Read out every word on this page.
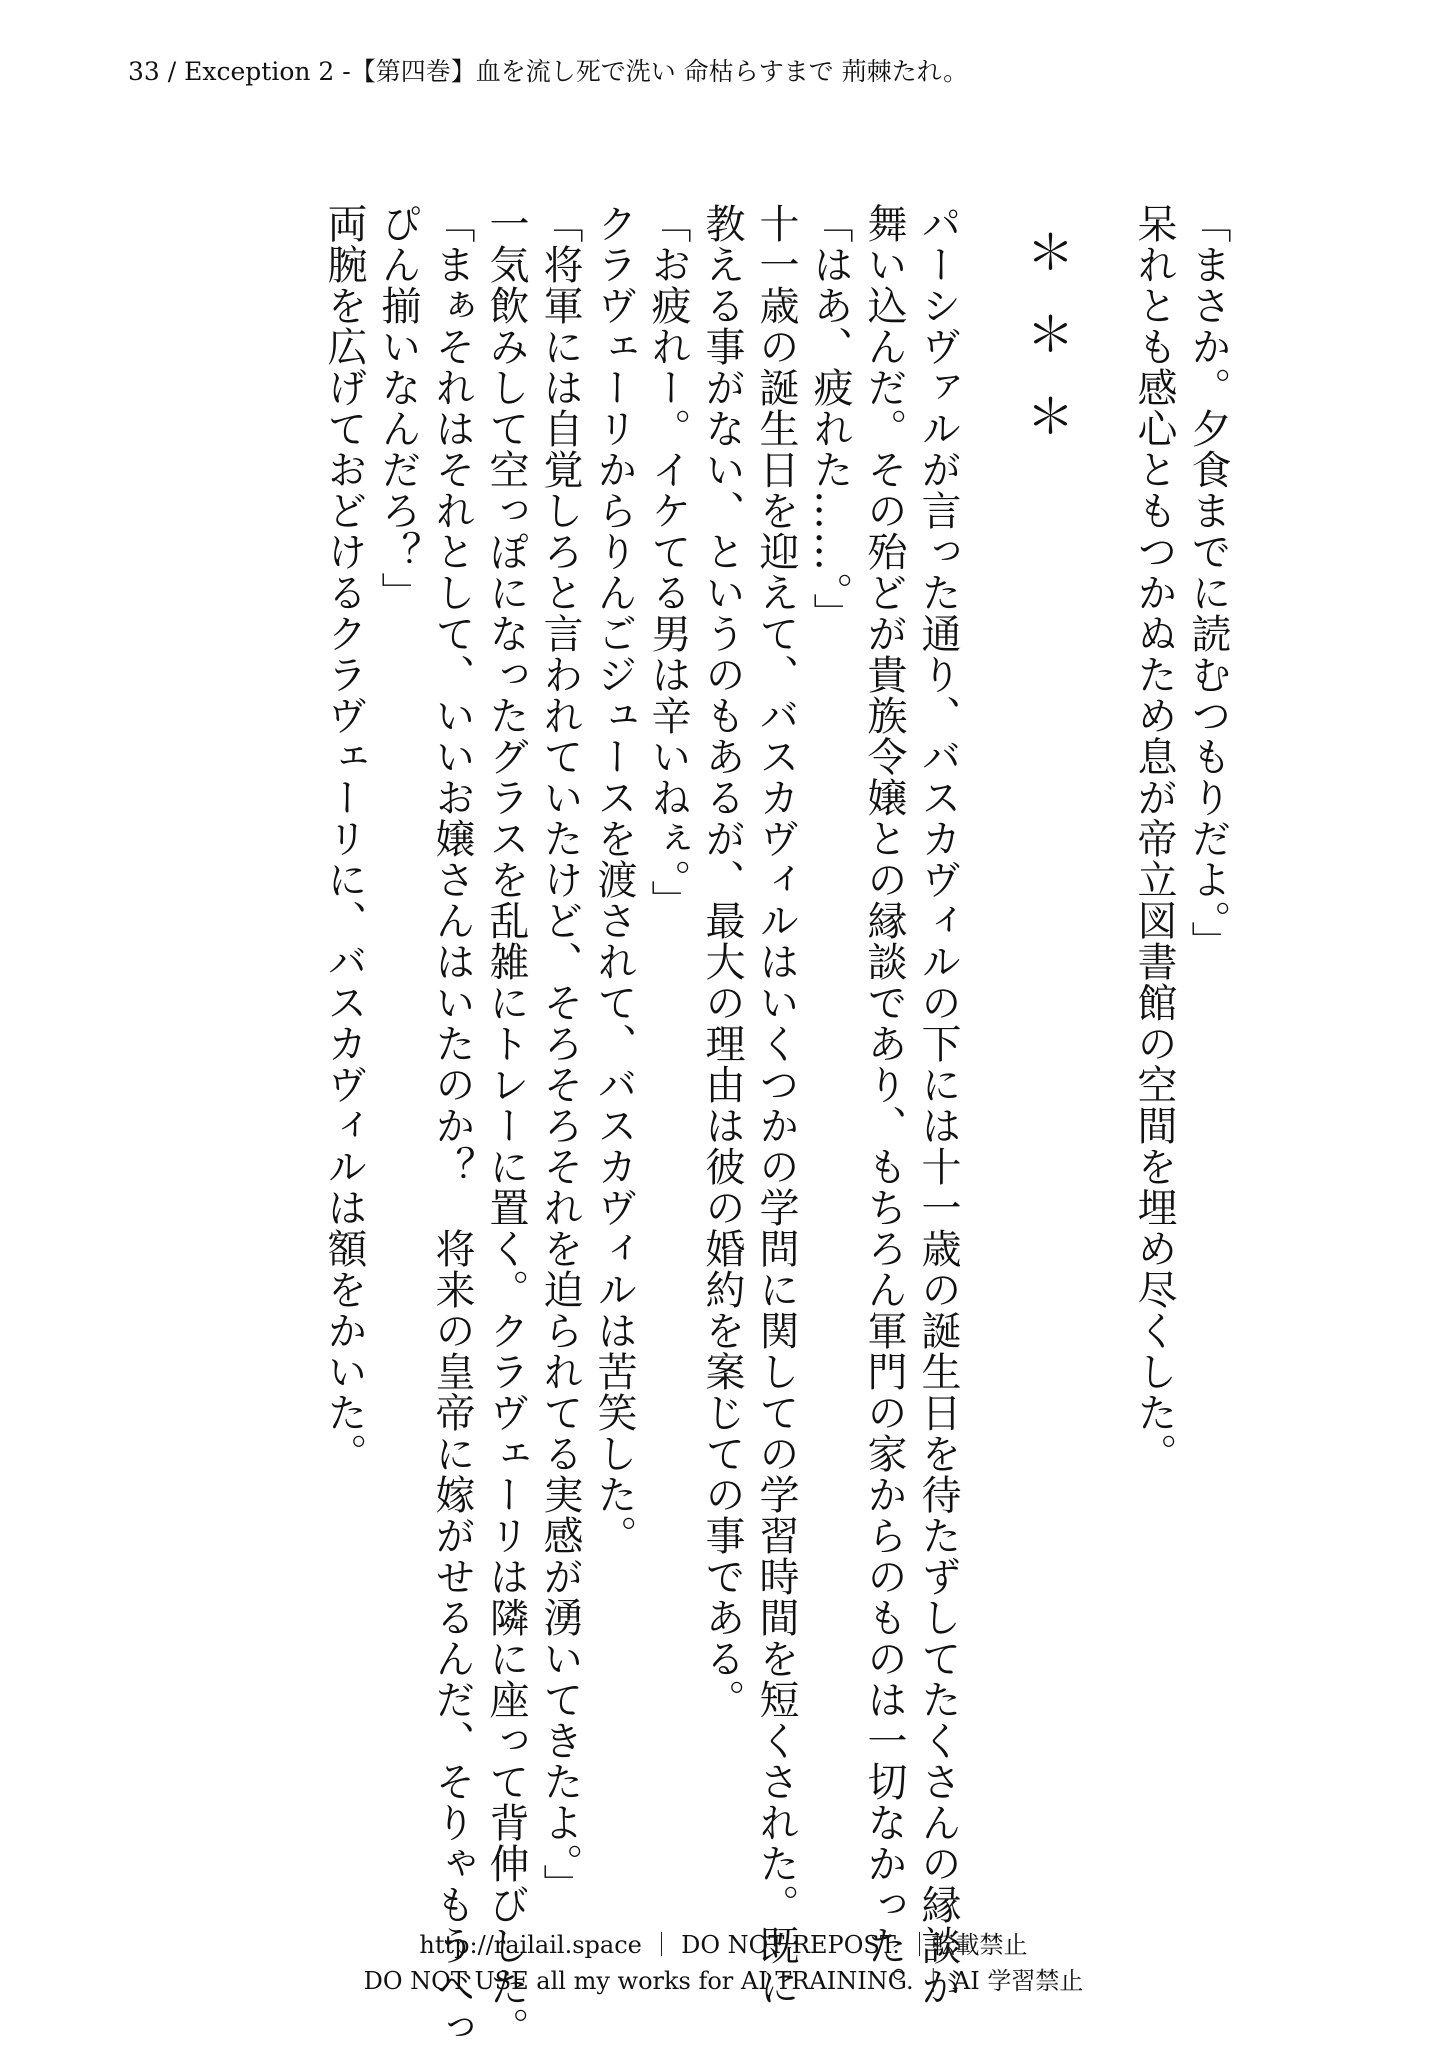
33 / Exception 2 -【第四巻】血を流し死で洗い 命枯らすまで 荊棘たれ。
「まさか。夕食までに読むつもりだよ。」
呆れとも感心ともつかぬため息が帝立図書館の空間を埋め尽くした。
＊＊＊
パーシヴァルが言った通り、バスカヴィルの下には十一歳の誕生日を待たずしてたくさんの縁談が
舞い込んだ。その殆どが貴族令嬢との縁談であり、もちろん軍門の家からのものは一切なかった。
「はあ、疲れた……。」
十一歳の誕生日を迎えて、バスカヴィルはいくつかの学問に関しての学習時間を短くされた。既に
教える事がない、というのもあるが、最大の理由は彼の婚約を案じての事である。
「お疲れー。イケてる男は辛いねぇ。」
クラヴェーリからりんごジュースを渡されて、バスカヴィルは苦笑した。
「将軍には自覚しろと言われていたけど、そろそろそれを迫られてる実感が湧いてきたよ。」
一気飲みして空っぽになったグラスを乱雑にトレーに置く。クラヴェーリは隣に座って背伸びした。
「まぁそれはそれとして、いいお嬢さんはいたのか？　将来の皇帝に嫁がせるんだ、そりゃもうべっ
ぴん揃いなんだろ？」
両腕を広げておどけるクラヴェーリに、バスカヴィルは額をかいた。
http://railail.space ｜ DO NOT REPOST. ｜転載禁止
DO NOT USE all my works for AI TRAINING. ｜ AI 学習禁止
